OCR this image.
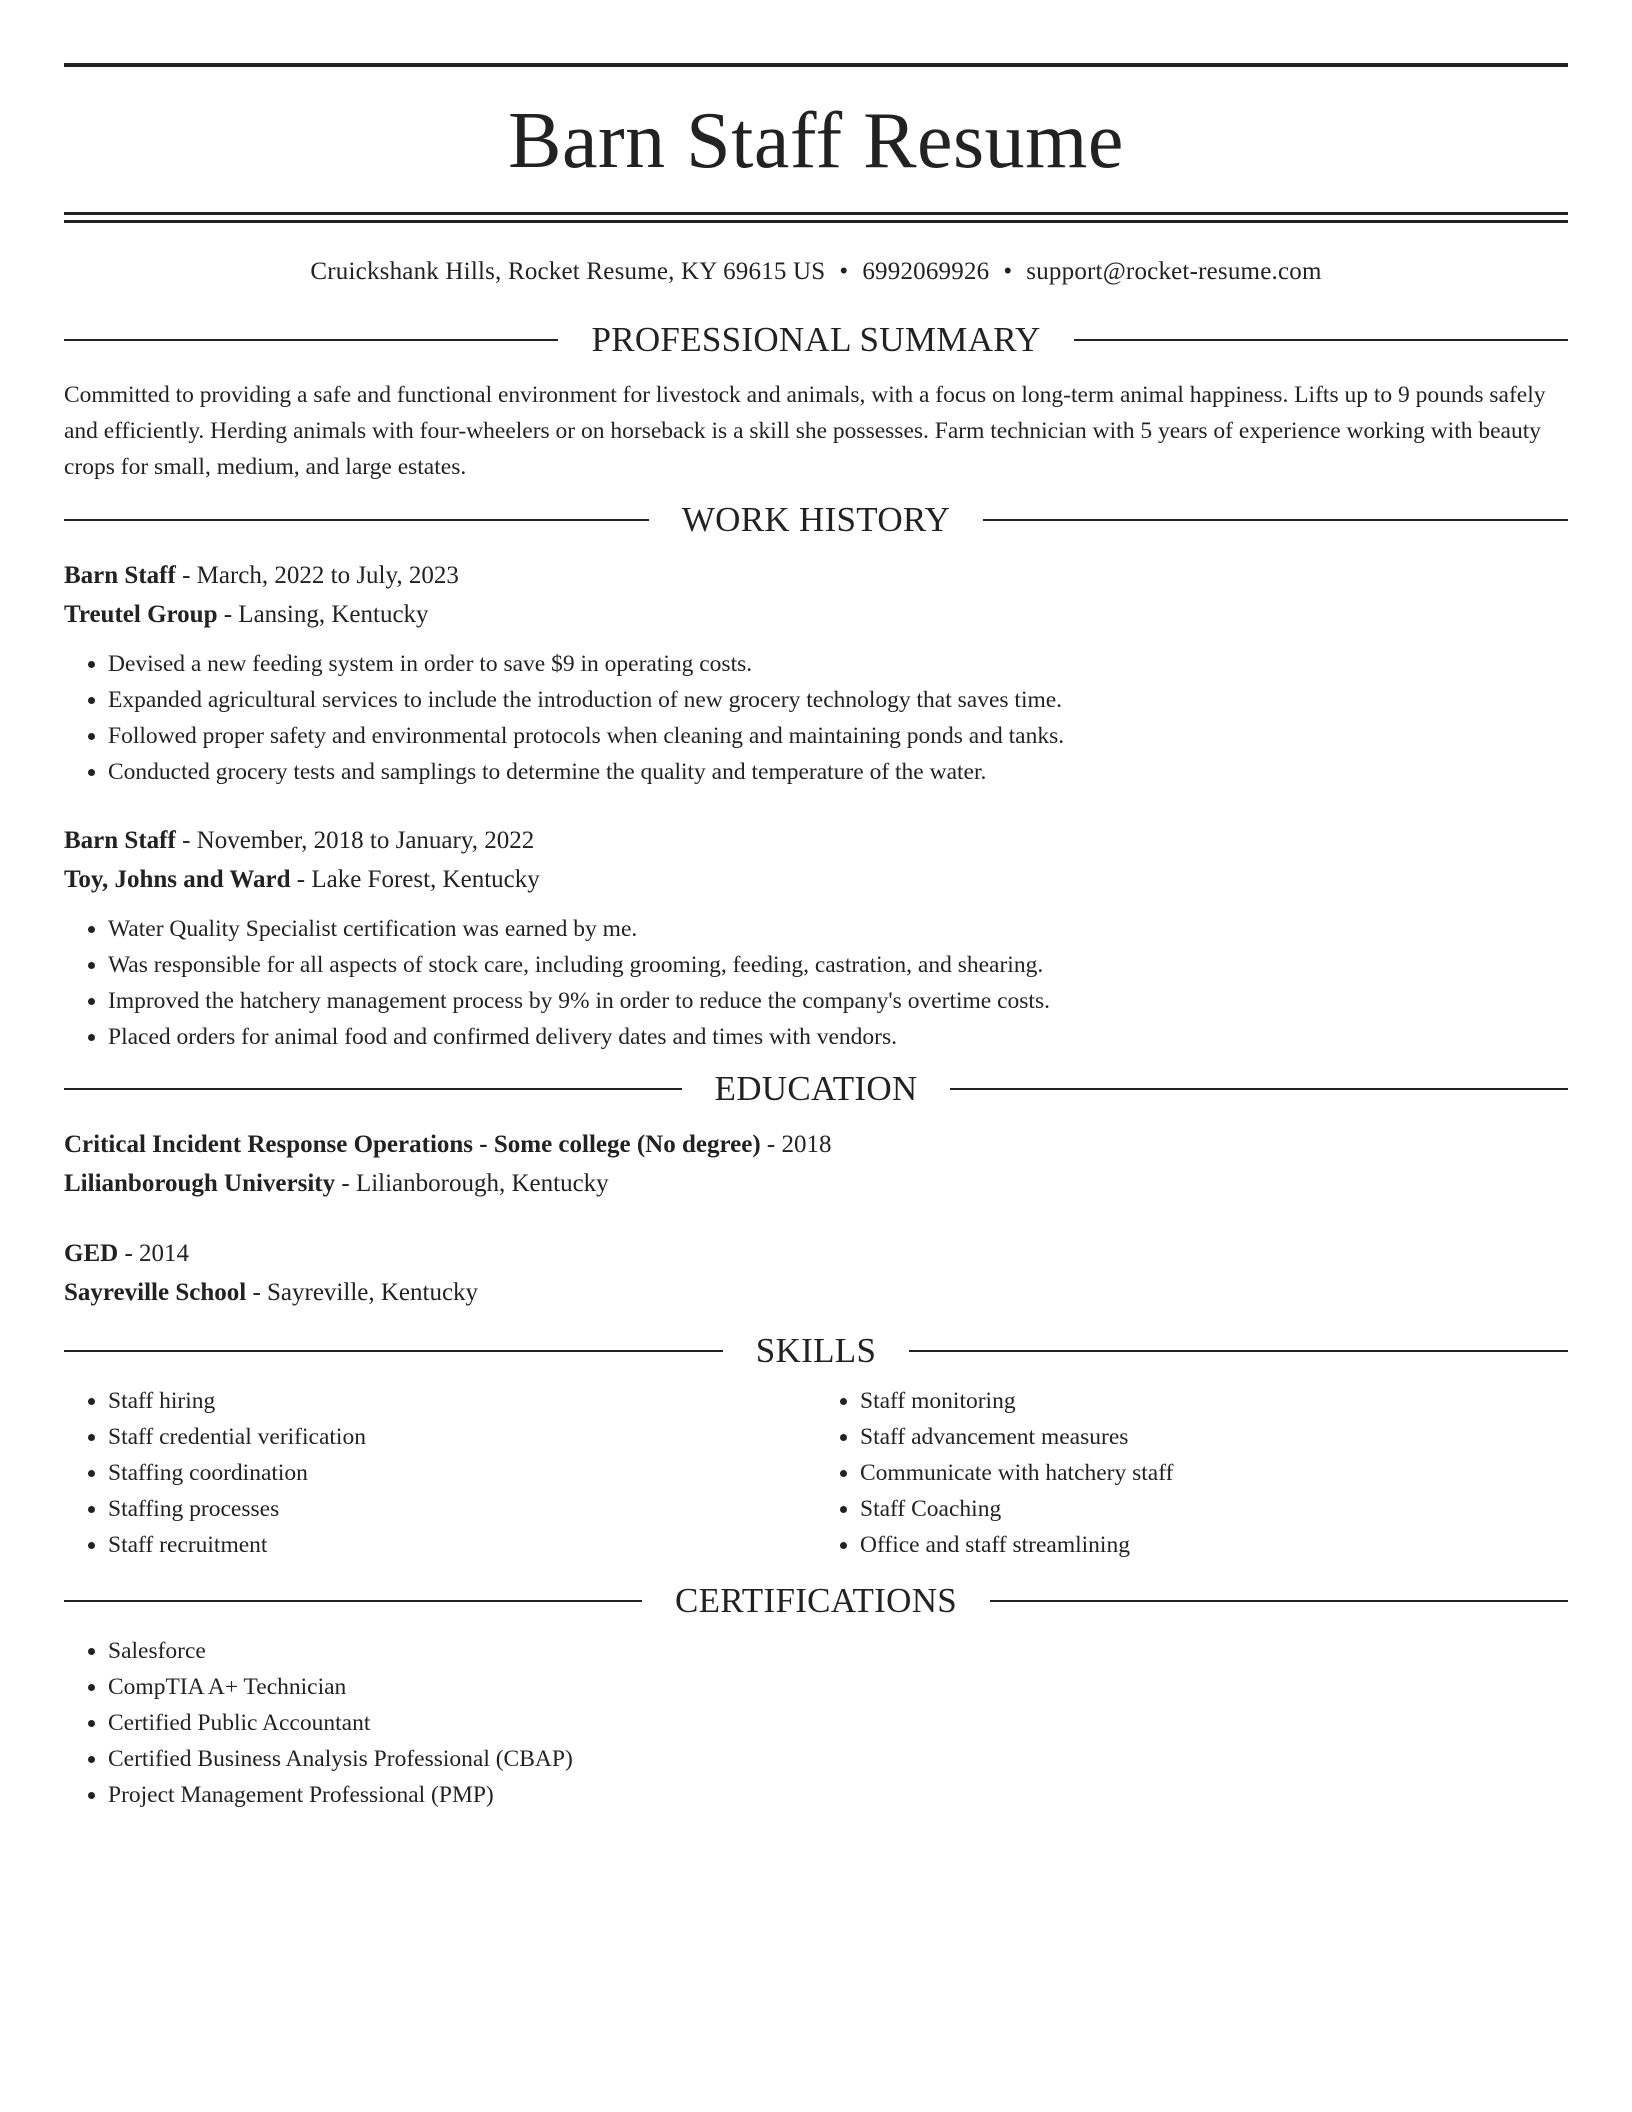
Barn Staff Resume
Cruickshank Hills, Rocket Resume, KY 69615 US • 6992069926 • support@rocket-resume.com
PROFESSIONAL SUMMARY
Committed to providing a safe and functional environment for livestock and animals, with a focus on long-term animal happiness. Lifts up to 9 pounds safely and efficiently. Herding animals with four-wheelers or on horseback is a skill she possesses. Farm technician with 5 years of experience working with beauty crops for small, medium, and large estates.
WORK HISTORY
Barn Staff - March, 2022 to July, 2023
Treutel Group - Lansing, Kentucky
• Devised a new feeding system in order to save $9 in operating costs.
• Expanded agricultural services to include the introduction of new grocery technology that saves time.
• Followed proper safety and environmental protocols when cleaning and maintaining ponds and tanks.
• Conducted grocery tests and samplings to determine the quality and temperature of the water.
Barn Staff - November, 2018 to January, 2022
Toy, Johns and Ward - Lake Forest, Kentucky
• Water Quality Specialist certification was earned by me.
• Was responsible for all aspects of stock care, including grooming, feeding, castration, and shearing.
• Improved the hatchery management process by 9% in order to reduce the company's overtime costs.
• Placed orders for animal food and confirmed delivery dates and times with vendors.
EDUCATION
Critical Incident Response Operations - Some college (No degree) - 2018
Lilianborough University - Lilianborough, Kentucky
GED - 2014
Sayreville School - Sayreville, Kentucky
SKILLS
• Staff hiring
• Staff credential verification
• Staffing coordination
• Staffing processes
• Staff recruitment
• Staff monitoring
• Staff advancement measures
• Communicate with hatchery staff
• Staff Coaching
• Office and staff streamlining
CERTIFICATIONS
• Salesforce
• CompTIA A+ Technician
• Certified Public Accountant
• Certified Business Analysis Professional (CBAP)
• Project Management Professional (PMP)
